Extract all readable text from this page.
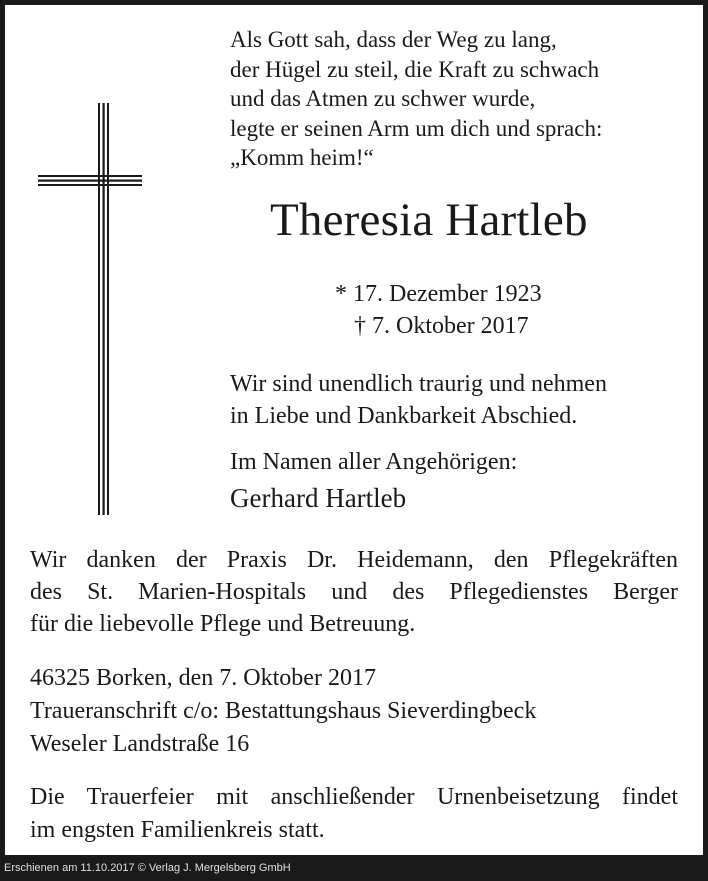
Als Gott sah, dass der Weg zu lang,
der Hügel zu steil, die Kraft zu schwach
und das Atmen zu schwer wurde,
legte er seinen Arm um dich und sprach:
„Komm heim!“
Theresia Hartleb
* 17. Dezember 1923
† 7. Oktober 2017
Wir sind unendlich traurig und nehmen
in Liebe und Dankbarkeit Abschied.
Im Namen aller Angehörigen:
Gerhard Hartleb
Wir danken der Praxis Dr. Heidemann, den Pflegekräften
des St. Marien-Hospitals und des Pflegedienstes Berger
für die liebevolle Pflege und Betreuung.
46325 Borken, den 7. Oktober 2017
Traueranschrift c/o: Bestattungshaus Sieverdingbeck
Weseler Landstraße 16
Die Trauerfeier mit anschließender Urnenbeisetzung findet
im engsten Familienkreis statt.
Erschienen am 11.10.2017 © Verlag J. Mergelsberg GmbH
